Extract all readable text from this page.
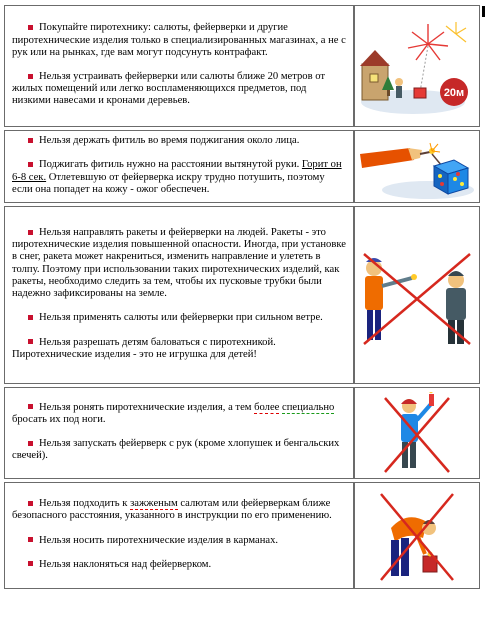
Покупайте пиротехнику: салюты, фейерверки и другие пиротехнические изделия только в специализированных магазинах, а не с рук или на рынках, где вам могут подсунуть контрафакт.

Нельзя устраивать фейерверки или салюты ближе 20 метров от жилых помещений или легко воспламеняющихся предметов, под низкими навесами и кронами деревьев.	20м

Нельзя держать фитиль во время поджигания около лица.

Поджигать фитиль нужно на расстоянии вытянутой руки. Горит он 6-8 сек. Отлетевшую от фейерверка искру трудно потушить, поэтому если она попадет на кожу - ожог обеспечен.

Нельзя направлять ракеты и фейерверки на людей. Ракеты - это пиротехнические изделия повышенной опасности. Иногда, при установке в снег, ракета может накрениться, изменить направление и улететь в толпу. Поэтому при использовании таких пиротехнических изделий, как ракеты, необходимо следить за тем, чтобы их пусковые трубки были надежно зафиксированы на земле.

Нельзя применять салюты или фейерверки при сильном ветре.

Нельзя разрешать детям баловаться с пиротехникой. Пиротехнические изделия - это не игрушка для детей!

Нельзя ронять пиротехнические изделия, а тем более специально бросать их под ноги.

Нельзя запускать фейерверк с рук (кроме хлопушек и бенгальских свечей).

Нельзя подходить к зажженым салютам или фейерверкам ближе безопасного расстояния, указанного в инструкции по его применению.

Нельзя носить пиротехнические изделия в карманах.

Нельзя наклоняться над фейерверком.
